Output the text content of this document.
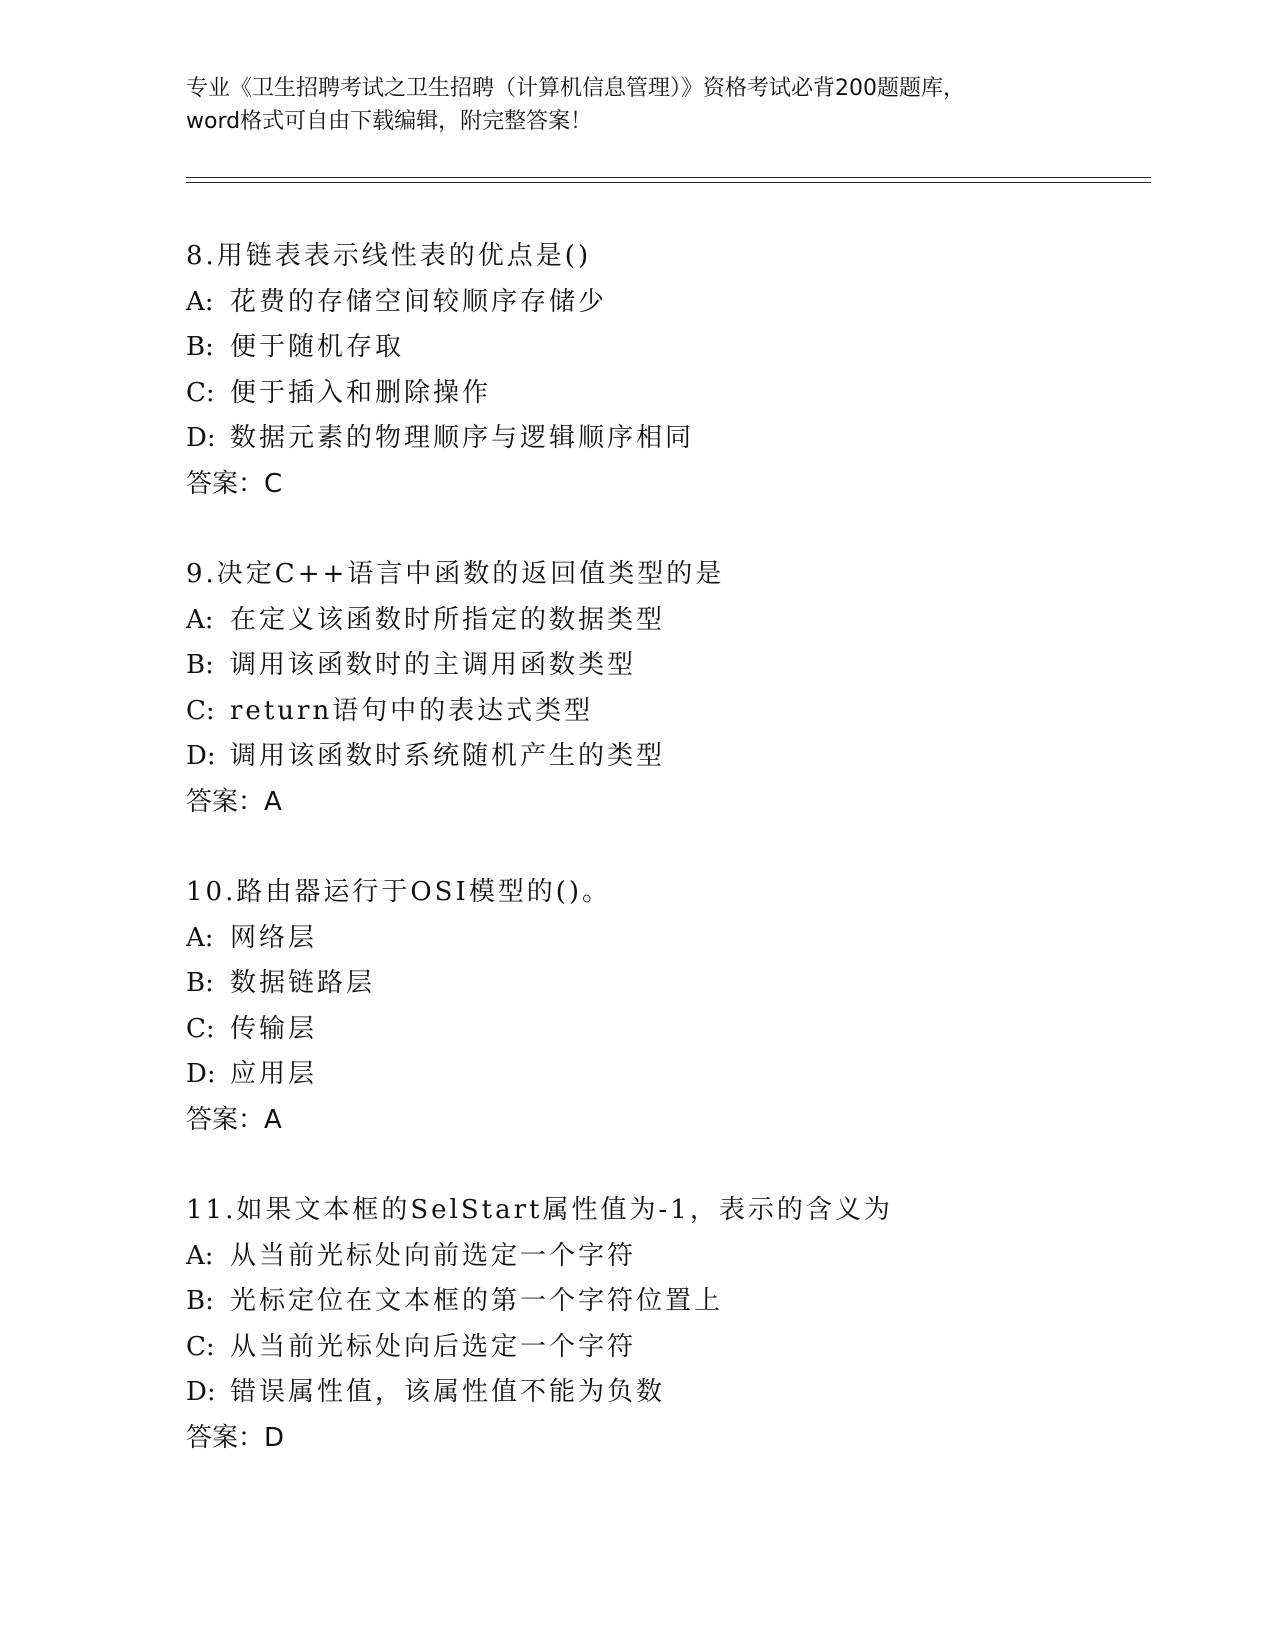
专业《卫生招聘考试之卫生招聘（计算机信息管理）》资格考试必背200题题库，
word格式可自由下载编辑，附完整答案！
8.用链表表示线性表的优点是()
A: 花费的存储空间较顺序存储少
B: 便于随机存取
C: 便于插入和删除操作
D: 数据元素的物理顺序与逻辑顺序相同
答案：C
9.决定C++语言中函数的返回值类型的是
A: 在定义该函数时所指定的数据类型
B: 调用该函数时的主调用函数类型
C: return语句中的表达式类型
D: 调用该函数时系统随机产生的类型
答案：A
10.路由器运行于OSI模型的()。
A: 网络层
B: 数据链路层
C: 传输层
D: 应用层
答案：A
11.如果文本框的SelStart属性值为-1，表示的含义为
A: 从当前光标处向前选定一个字符
B: 光标定位在文本框的第一个字符位置上
C: 从当前光标处向后选定一个字符
D: 错误属性值，该属性值不能为负数
答案：D
